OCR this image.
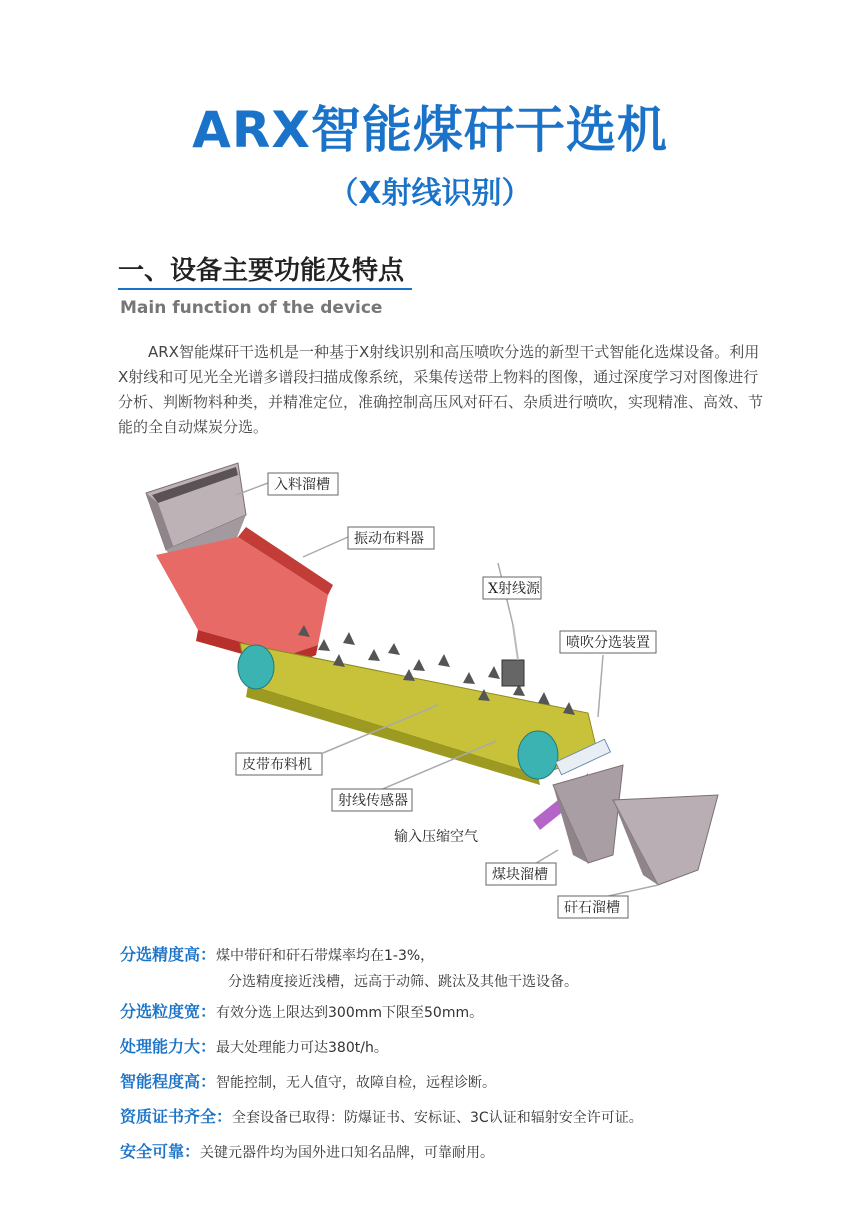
ARX智能煤矸干选机
（X射线识别）
一、设备主要功能及特点
Main function of the device

ARX智能煤矸干选机是一种基于X射线识别和高压喷吹分选的新型干式智能化选煤设备。利用X射线和可见光全光谱多谱段扫描成像系统，采集传送带上物料的图像，通过深度学习对图像进行分析、判断物料种类，并精准定位，准确控制高压风对矸石、杂质进行喷吹，实现精准、高效、节能的全自动煤炭分选。

入料溜槽
振动布料器
X射线源
喷吹分选装置
皮带布料机
射线传感器
输入压缩空气
煤块溜槽
矸石溜槽
分选精度高： 煤中带矸和矸石带煤率均在1-3%，
分选精度接近浅槽，远高于动筛、跳汰及其他干选设备。
分选粒度宽： 有效分选上限达到300mm下限至50mm。
处理能力大： 最大处理能力可达380t/h。
智能程度高： 智能控制，无人值守，故障自检，远程诊断。
资质证书齐全： 全套设备已取得：防爆证书、安标证、3C认证和辐射安全许可证。
安全可靠： 关键元器件均为国外进口知名品牌，可靠耐用。
